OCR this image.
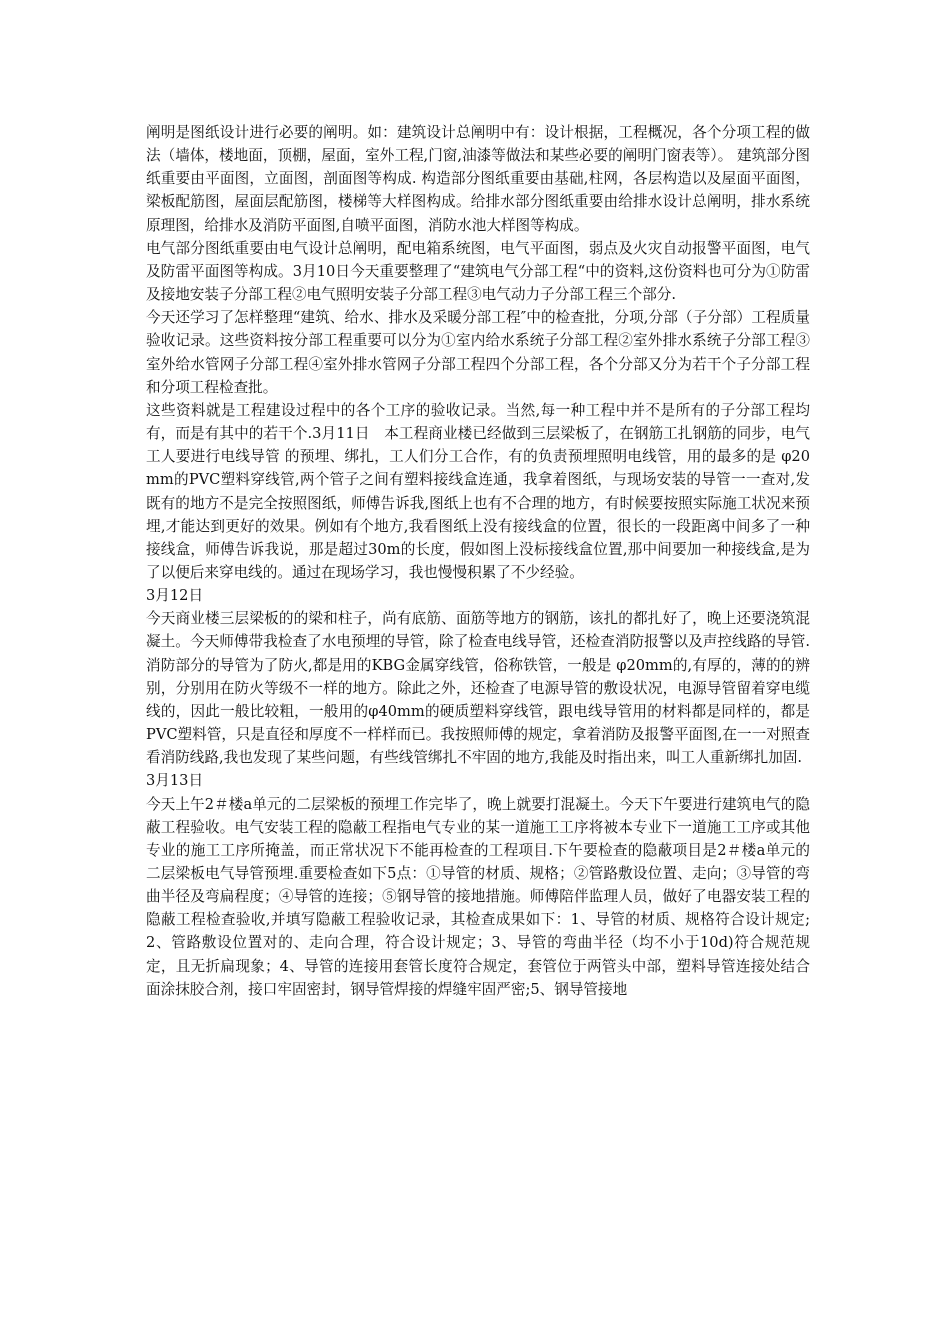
阐明是图纸设计进行必要的阐明。如：建筑设计总阐明中有：设计根据，工程概况，各个分项工程的做法（墙体，楼地面，顶棚，屋面，室外工程,门窗,油漆等做法和某些必要的阐明门窗表等）。 建筑部分图纸重要由平面图，立面图，剖面图等构成. 构造部分图纸重要由基础,柱网，各层构造以及屋面平面图，梁板配筋图，屋面层配筋图，楼梯等大样图构成。给排水部分图纸重要由给排水设计总阐明，排水系统原理图，给排水及消防平面图,自喷平面图，消防水池大样图等构成。

电气部分图纸重要由电气设计总阐明，配电箱系统图，电气平面图，弱点及火灾自动报警平面图，电气及防雷平面图等构成。3月10日今天重要整理了“建筑电气分部工程“中的资料,这份资料也可分为①防雷及接地安装子分部工程②电气照明安装子分部工程③电气动力子分部工程三个部分.

今天还学习了怎样整理“建筑、给水、排水及采暖分部工程″中的检查批，分项,分部（子分部）工程质量验收记录。这些资料按分部工程重要可以分为①室内给水系统子分部工程②室外排水系统子分部工程③室外给水管网子分部工程④室外排水管网子分部工程四个分部工程，各个分部又分为若干个子分部工程和分项工程检查批。

这些资料就是工程建设过程中的各个工序的验收记录。当然,每一种工程中并不是所有的子分部工程均有，而是有其中的若干个.3月11日　本工程商业楼已经做到三层梁板了，在钢筋工扎钢筋的同步，电气工人要进行电线导管 的预埋、绑扎，工人们分工合作，有的负责预埋照明电线管，用的最多的是 φ20mm的PVC塑料穿线管,两个管子之间有塑料接线盒连通，我拿着图纸，与现场安装的导管一一查对,发既有的地方不是完全按照图纸，师傅告诉我,图纸上也有不合理的地方，有时候要按照实际施工状况来预埋,才能达到更好的效果。例如有个地方,我看图纸上没有接线盒的位置，很长的一段距离中间多了一种接线盒，师傅告诉我说，那是超过30m的长度，假如图上没标接线盒位置,那中间要加一种接线盒,是为了以便后来穿电线的。通过在现场学习，我也慢慢积累了不少经验。

3月12日

今天商业楼三层梁板的的梁和柱子，尚有底筋、面筋等地方的钢筋，该扎的都扎好了，晚上还要浇筑混凝土。今天师傅带我检查了水电预埋的导管，除了检查电线导管，还检查消防报警以及声控线路的导管.消防部分的导管为了防火,都是用的KBG金属穿线管，俗称铁管，一般是 φ20mm的,有厚的，薄的的辨别，分别用在防火等级不一样的地方。除此之外，还检查了电源导管的敷设状况，电源导管留着穿电缆线的，因此一般比较粗，一般用的φ40mm的硬质塑料穿线管，跟电线导管用的材料都是同样的，都是PVC塑料管，只是直径和厚度不一样样而已。我按照师傅的规定，拿着消防及报警平面图,在一一对照查看消防线路,我也发现了某些问题，有些线管绑扎不牢固的地方,我能及时指出来，叫工人重新绑扎加固.

3月13日

今天上午2＃楼a单元的二层梁板的预埋工作完毕了，晚上就要打混凝土。今天下午要进行建筑电气的隐蔽工程验收。电气安装工程的隐蔽工程指电气专业的某一道施工工序将被本专业下一道施工工序或其他专业的施工工序所掩盖，而正常状况下不能再检查的工程项目.下午要检查的隐蔽项目是2＃楼a单元的二层梁板电气导管预埋.重要检查如下5点：①导管的材质、规格；②管路敷设位置、走向；③导管的弯曲半径及弯扁程度；④导管的连接；⑤钢导管的接地措施。师傅陪伴监理人员，做好了电器安装工程的隐蔽工程检查验收,并填写隐蔽工程验收记录，其检查成果如下：1、导管的材质、规格符合设计规定;2、管路敷设位置对的、走向合理，符合设计规定；3、导管的弯曲半径（均不小于10d)符合规范规定，且无折扁现象；4、导管的连接用套管长度符合规定，套管位于两管头中部，塑料导管连接处结合面涂抹胶合剂，接口牢固密封，钢导管焊接的焊缝牢固严密;5、钢导管接地
